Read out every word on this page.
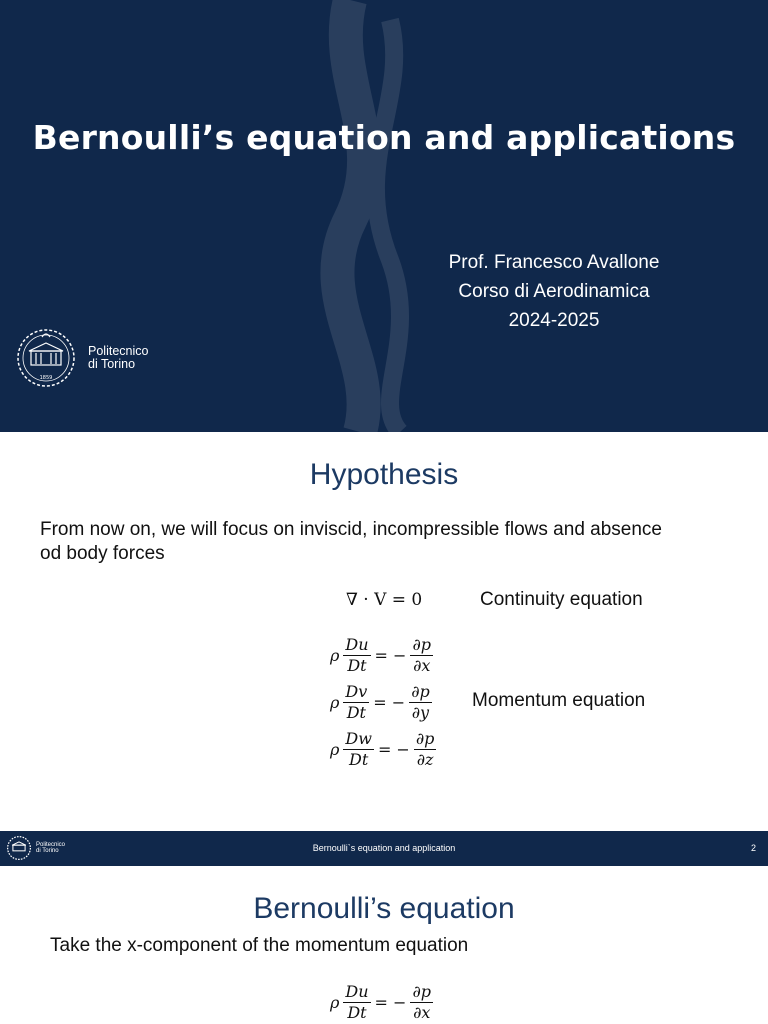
Bernoulli’s equation and applications
Prof. Francesco Avallone
Corso di Aerodinamica
2024-2025
1859
Politecnico
di Torino
Hypothesis
From now on, we will focus on inviscid, incompressible flows and absence
od body forces
∇ · V = 0	Continuity equation
ρ $\frac{Du}{Dt}$ = − $\frac{\partial p}{\partial x}$
ρ $\frac{Dv}{Dt}$ = − $\frac{\partial p}{\partial y}$
ρ $\frac{Dw}{Dt}$ = − $\frac{\partial p}{\partial z}$
Momentum equation
Politecnico
di Torino	Bernoulli`s equation and application	2
Bernoulli’s equation
Take the x-component of the momentum equation
ρ $\frac{Du}{Dt}$ = − $\frac{\partial p}{\partial x}$
